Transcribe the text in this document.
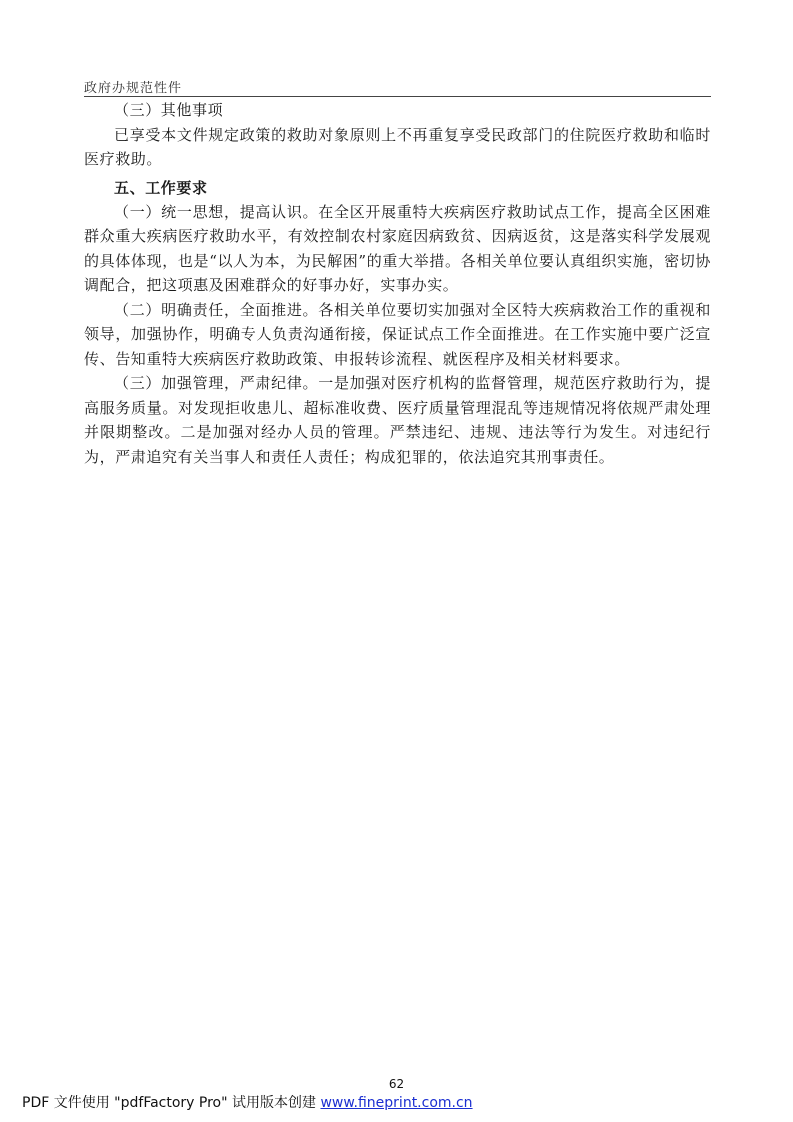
政府办规范性件

（三）其他事项

已享受本文件规定政策的救助对象原则上不再重复享受民政部门的住院医疗救助和临时医疗救助。

五、工作要求

（一）统一思想，提高认识。在全区开展重特大疾病医疗救助试点工作，提高全区困难群众重大疾病医疗救助水平，有效控制农村家庭因病致贫、因病返贫，这是落实科学发展观的具体体现，也是“以人为本，为民解困”的重大举措。各相关单位要认真组织实施，密切协调配合，把这项惠及困难群众的好事办好，实事办实。

（二）明确责任，全面推进。各相关单位要切实加强对全区特大疾病救治工作的重视和领导，加强协作，明确专人负责沟通衔接，保证试点工作全面推进。在工作实施中要广泛宣传、告知重特大疾病医疗救助政策、申报转诊流程、就医程序及相关材料要求。

（三）加强管理，严肃纪律。一是加强对医疗机构的监督管理，规范医疗救助行为，提高服务质量。对发现拒收患儿、超标准收费、医疗质量管理混乱等违规情况将依规严肃处理并限期整改。二是加强对经办人员的管理。严禁违纪、违规、违法等行为发生。对违纪行为，严肃追究有关当事人和责任人责任；构成犯罪的，依法追究其刑事责任。

62
PDF 文件使用 "pdfFactory Pro" 试用版本创建 www.fineprint.com.cn
